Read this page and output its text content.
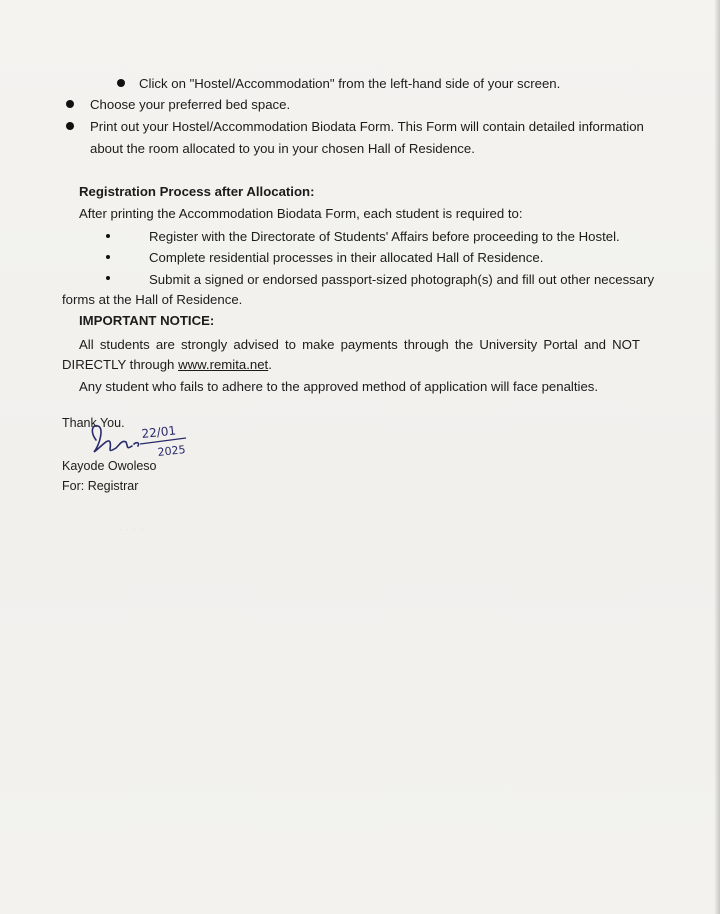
· · · ·
Click on "Hostel/Accommodation" from the left-hand side of your screen.
Choose your preferred bed space.
Print out your Hostel/Accommodation Biodata Form. This Form will contain detailed information
about the room allocated to you in your chosen Hall of Residence.
Registration Process after Allocation:
After printing the Accommodation Biodata Form, each student is required to:
Register with the Directorate of Students' Affairs before proceeding to the Hostel.
Complete residential processes in their allocated Hall of Residence.
Submit a signed or endorsed passport-sized photograph(s) and fill out other necessary
forms at the Hall of Residence.
IMPORTANT NOTICE:
All students are strongly advised to make payments through the University Portal and NOT
DIRECTLY through www.remita.net.
Any student who fails to adhere to the approved method of application will face penalties.
Thank You.
22/01
2025
Kayode Owoleso
For: Registrar
